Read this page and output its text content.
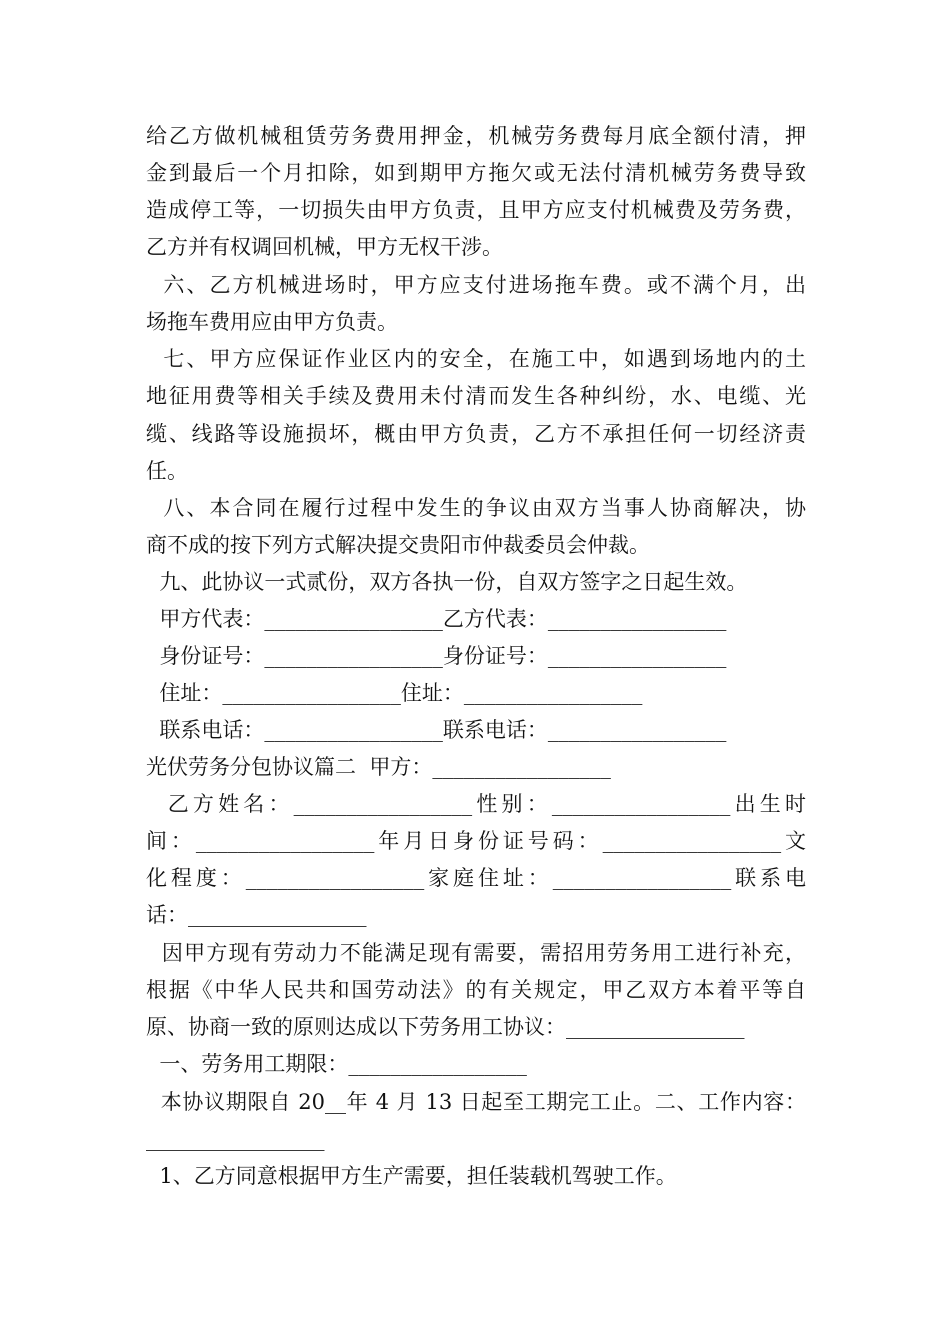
给乙方做机械租赁劳务费用押金，机械劳务费每月底全额付清，押
金到最后一个月扣除，如到期甲方拖欠或无法付清机械劳务费导致
造成停工等，一切损失由甲方负责，且甲方应支付机械费及劳务费，
乙方并有权调回机械，甲方无权干涉。
六、乙方机械进场时，甲方应支付进场拖车费。或不满个月，出
场拖车费用应由甲方负责。
七、甲方应保证作业区内的安全，在施工中，如遇到场地内的土
地征用费等相关手续及费用未付清而发生各种纠纷，水、电缆、光
缆、线路等设施损坏，概由甲方负责，乙方不承担任何一切经济责
任。
八、本合同在履行过程中发生的争议由双方当事人协商解决，协
商不成的按下列方式解决提交贵阳市仲裁委员会仲裁。
九、此协议一式贰份，双方各执一份，自双方签字之日起生效。
甲方代表：_________________乙方代表：_________________
身份证号：_________________身份证号：_________________
住址：_________________住址：_________________
联系电话：_________________联系电话：_________________
光伏劳务分包协议篇二  甲方：_________________
乙方姓名：_________________性别：_________________出生时
间：_________________年月日身份证号码：_________________文
化程度：_________________家庭住址：_________________联系电
话：_________________
因甲方现有劳动力不能满足现有需要，需招用劳务用工进行补充，
根据《中华人民共和国劳动法》的有关规定，甲乙双方本着平等自
原、协商一致的原则达成以下劳务用工协议：_________________
一、劳务用工期限：_________________
本协议期限自 20__年 4 月 13 日起至工期完工止。二、工作内容：
_________________
1、乙方同意根据甲方生产需要，担任装载机驾驶工作。
